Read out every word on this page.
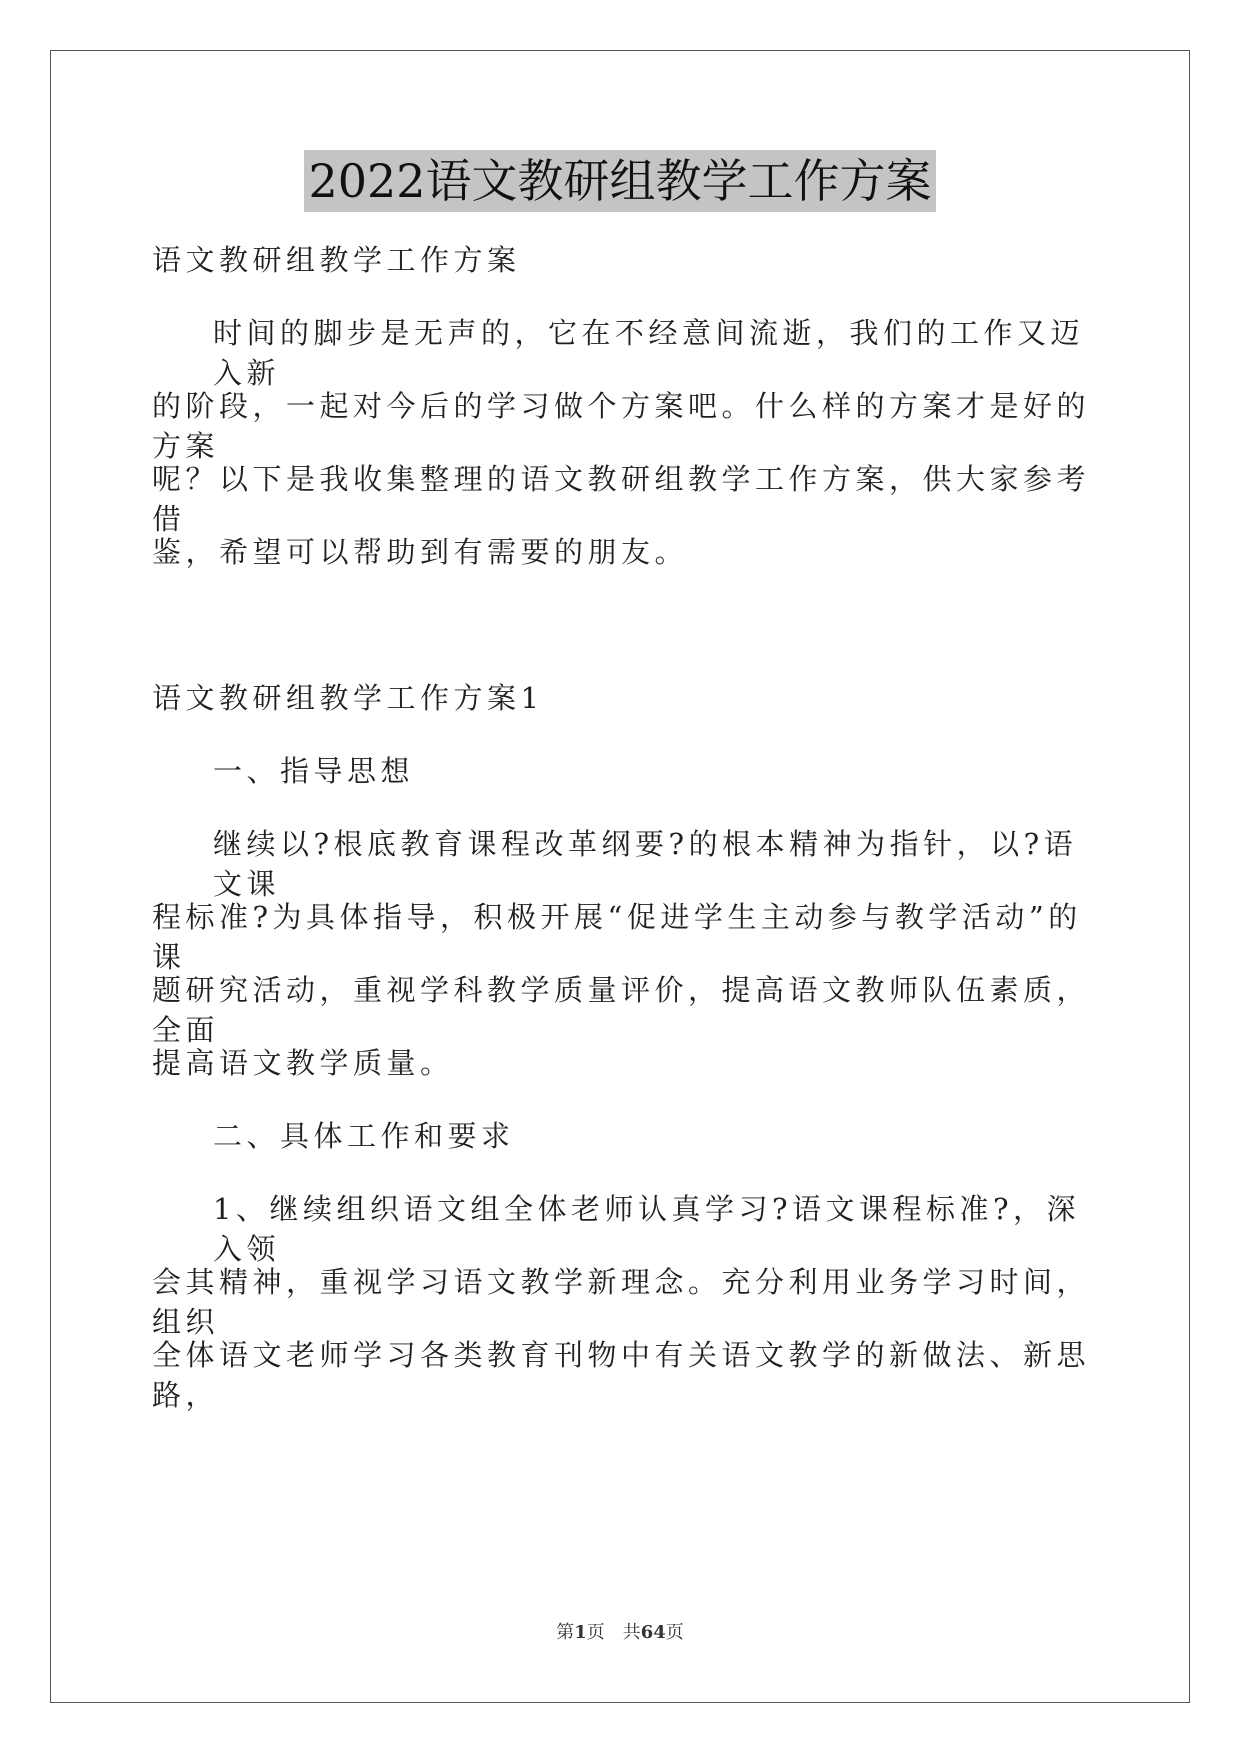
2022语文教研组教学工作方案

语文教研组教学工作方案

时间的脚步是无声的，它在不经意间流逝，我们的工作又迈入新

的阶段，一起对今后的学习做个方案吧。什么样的方案才是好的方案

呢？以下是我收集整理的语文教研组教学工作方案，供大家参考借

鉴，希望可以帮助到有需要的朋友。

语文教研组教学工作方案1

一、指导思想

继续以?根底教育课程改革纲要?的根本精神为指针，以?语文课

程标准?为具体指导，积极开展“促进学生主动参与教学活动”的课

题研究活动，重视学科教学质量评价，提高语文教师队伍素质，全面

提高语文教学质量。

二、具体工作和要求

1、继续组织语文组全体老师认真学习?语文课程标准?，深入领

会其精神，重视学习语文教学新理念。充分利用业务学习时间，组织

全体语文老师学习各类教育刊物中有关语文教学的新做法、新思路，

第1页　共64页
